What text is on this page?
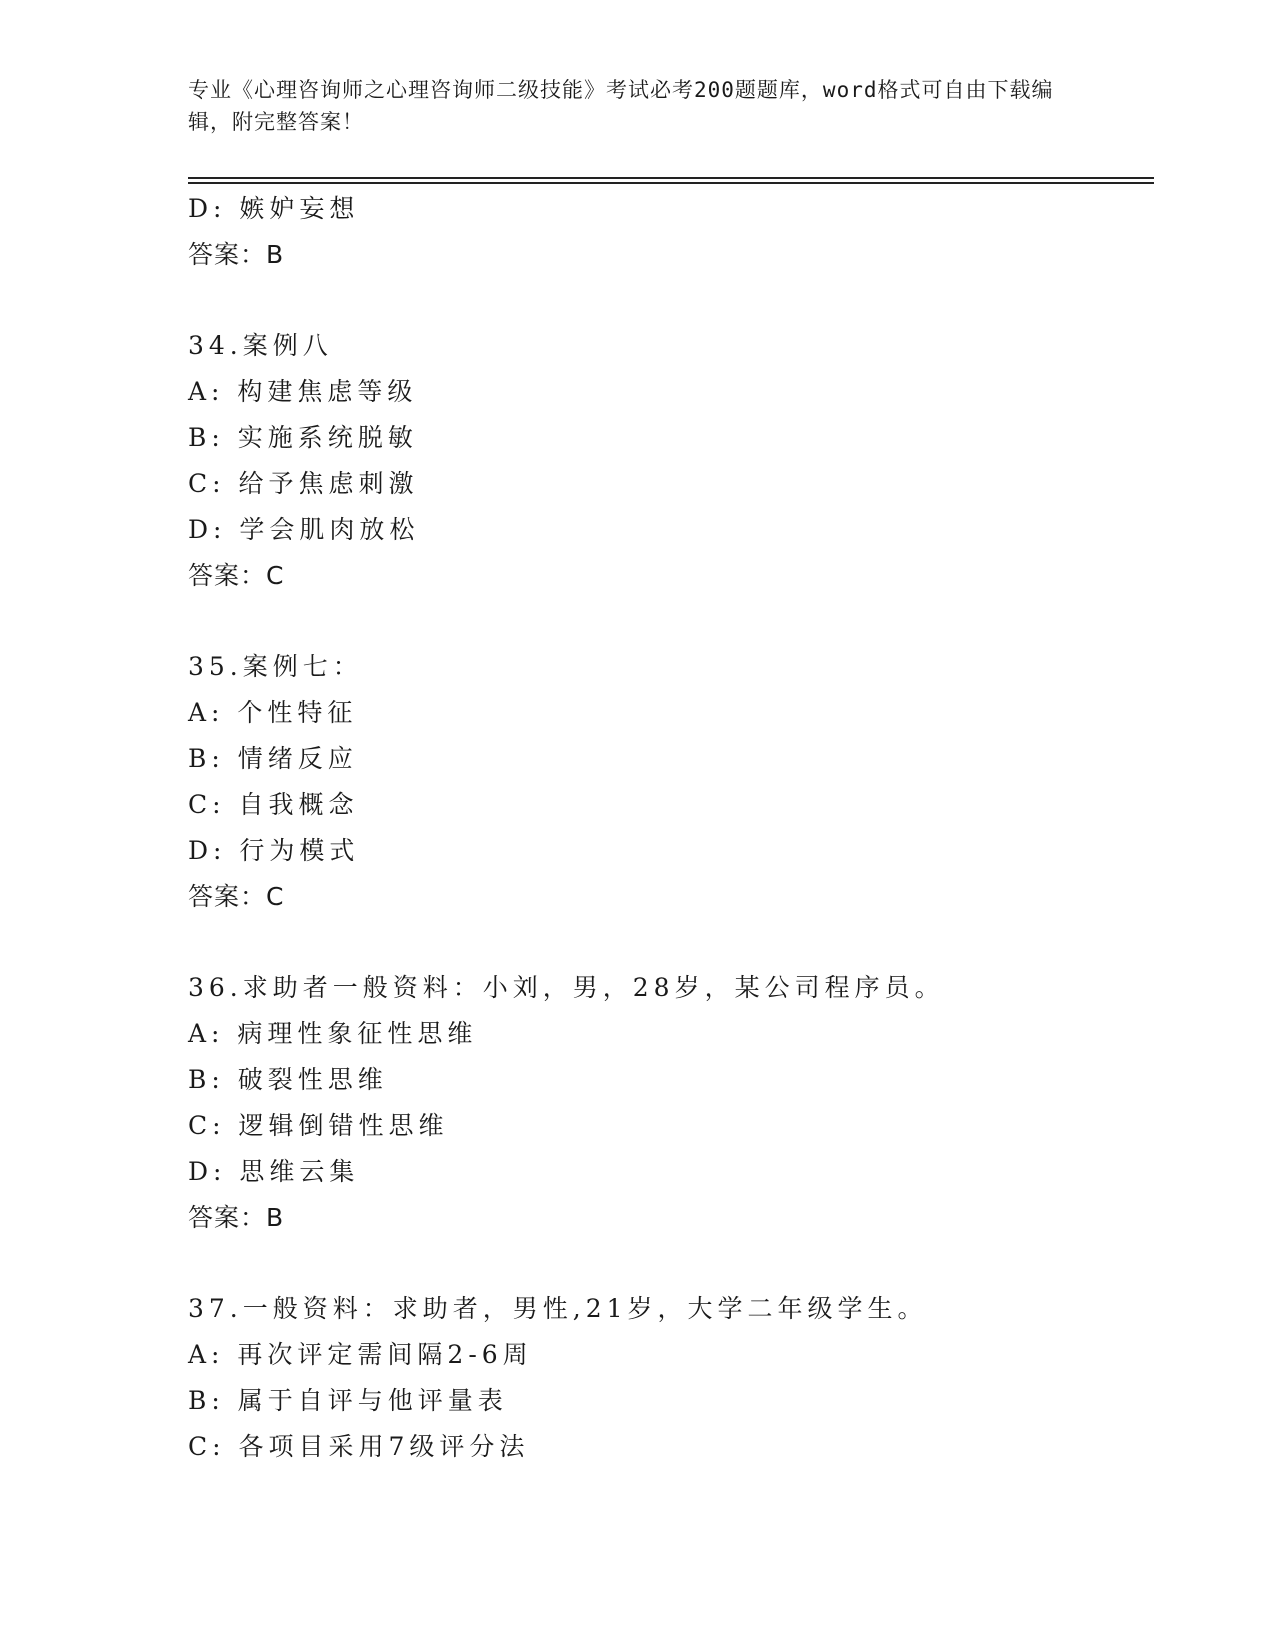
专业《心理咨询师之心理咨询师二级技能》考试必考200题题库，word格式可自由下载编辑，附完整答案！
D: 嫉妒妄想
答案：B
34.案例八
A: 构建焦虑等级
B: 实施系统脱敏
C: 给予焦虑刺激
D: 学会肌肉放松
答案：C
35.案例七：
A: 个性特征
B: 情绪反应
C: 自我概念
D: 行为模式
答案：C
36.求助者一般资料：小刘，男，28岁，某公司程序员。
A: 病理性象征性思维
B: 破裂性思维
C: 逻辑倒错性思维
D: 思维云集
答案：B
37.一般资料：求助者，男性,21岁，大学二年级学生。
A: 再次评定需间隔2-6周
B: 属于自评与他评量表
C: 各项目采用7级评分法
